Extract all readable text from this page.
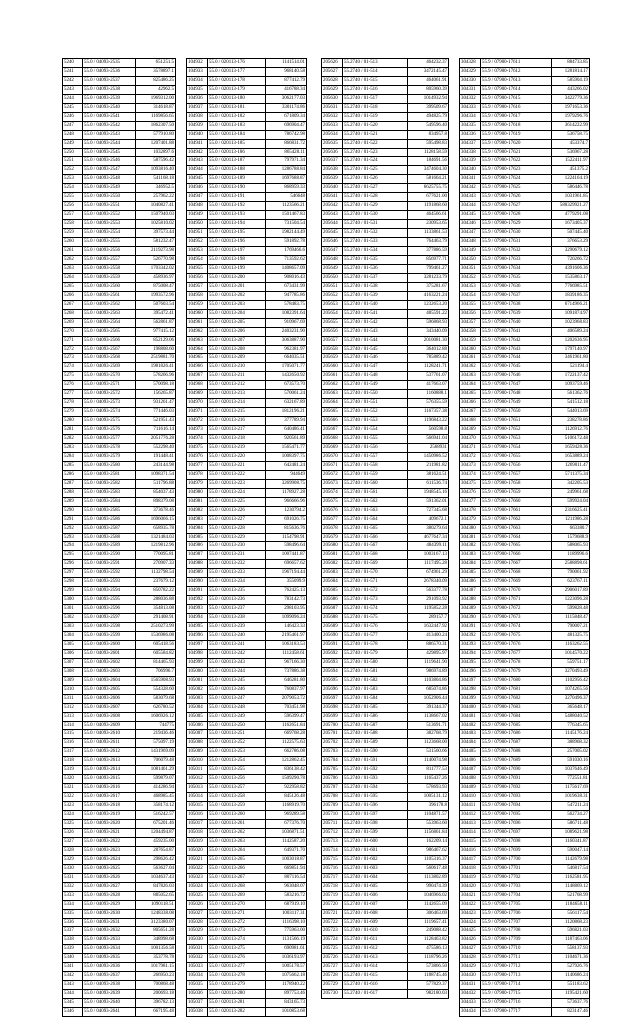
5240	55.0 / 04093-2535	651251.5
5241	55.0 / 04093-2536	3578897.1
5242	55.0 / 04093-2537	825486.25
5243	55.0 / 04093-2538	42962.5
5244	55.0 / 04093-2539	1969312.00
5245	55.0 / 04093-2540	314618.87
5246	55.0 / 04093-2541	1169856.65
5247	55.0 / 04093-2542	1862307.50
5248	55.0 / 04093-2543	577910.80
5249	55.0 / 04093-2544	1207401.88
5250	55.0 / 04093-2545	1032897.6
5251	55.0 / 04093-2546	587596.42
5252	55.0 / 04093-2547	1093816.40
5253	55.0 / 04093-2548	541168.18
5254	55.0 / 04093-2549	346952.5
5255	55.0 / 04093-2550	257962.22
5256	55.0 / 04093-2551	1040827.41
5257	55.0 / 04093-2552	1507940.03
5258	55.0 / 04093-2553	1025810.02
5259	55.0 / 04093-2554	397573.44
5260	55.0 / 04093-2555	581232.47
5261	55.0 / 04093-2556	2119273.98
5262	55.0 / 04093-2557	526770.98
5263	55.0 / 04093-2558	1703342.02
5264	55.0 / 04093-2559	458936.97
5265	55.0 / 04093-2560	875008.47
5266	55.0 / 04093-2561	1993572.96
5267	55.0 / 04093-2562	507603.54
5268	55.0 / 04093-2563	395472.41
5269	55.0 / 04093-2564	562861.87
5270	55.0 / 04093-2565	977415.12
5271	55.0 / 04093-2566	852129.06
5272	55.0 / 04093-2567	198808.60
5273	55.0 / 04093-2568	2519881.70
5274	55.0 / 04093-2569	1981826.41
5275	55.0 / 04093-2570	578266.96
5276	55.0 / 04093-2571	570098.18
5277	55.0 / 04093-2572	156265.87
5278	55.0 / 04093-2573	931261.47
5279	55.0 / 04093-2574	771446.03
5280	55.0 / 04093-2575	521951.43
5281	55.0 / 04093-2576	711616.14
5282	55.0 / 04093-2577	2051776.28
5283	55.0 / 04093-2578	552298.40
5284	55.0 / 04093-2579	191448.41
5285	55.0 / 04093-2580	243144.98
5286	55.0 / 04093-2581	1098371.54
5287	55.0 / 04093-2582	511796.88
5288	55.0 / 04093-2583	854037.43
5289	55.0 / 04093-2584	898379.08
5290	55.0 / 04093-2585	373678.46
5291	55.0 / 04093-2586	1696066.15
5292	55.0 / 04093-2587	658935.78
5293	55.0 / 04093-2588	1321484.03
5294	55.0 / 04093-2589	1219812.96
5295	55.0 / 04093-2590	770095.81
5296	55.0 / 04093-2591	270907.33
5297	55.0 / 04093-2592	1132798.54
5298	55.0 / 04093-2593	237679.12
5299	55.0 / 04093-2594	850782.22
5300	55.0 / 04093-2595	288036.88
5301	55.0 / 04093-2596	354813.08
5302	55.0 / 04093-2597	291408.91
5303	55.0 / 04093-2598	2510273.99
5304	55.0 / 04093-2599	1536986.08
5305	55.0 / 04093-2600	605418.56
5306	55.0 / 04093-2601	605584.82
5307	55.0 / 04093-2602	814465.93
5308	55.0 / 04093-2603	706996.7
5309	55.0 / 04093-2604	1565908.93
5310	55.0 / 04093-2605	554328.60
5311	55.0 / 04093-2606	583079.68
5312	55.0 / 04093-2607	626780.52
5313	55.0 / 04093-2608	1606926.12
5314	55.0 / 04093-2609	744775
5315	55.0 / 04093-2610	219436.46
5316	55.0 / 04093-2611	575097.19
5317	55.0 / 04093-2612	1431969.09
5318	55.0 / 04093-2613	706079.48
5319	55.0 / 04093-2614	1081461.29
5320	55.0 / 04093-2615	599879.07
5321	55.0 / 04093-2616	414286.94
5322	55.0 / 04093-2617	468985.45
5323	55.0 / 04093-2618	358174.12
5324	55.0 / 04093-2619	516242.57
5325	55.0 / 04093-2620	675201.46
5326	55.0 / 04093-2621	1204494.87
5327	55.0 / 04093-2622	459235.00
5328	55.0 / 04093-2623	287654.87
5329	55.0 / 04093-2624	298626.42
5330	55.0 / 04093-2625	563627.04
5331	55.0 / 04093-2626	1034637.43
5332	55.0 / 04093-2627	847826.03
5333	55.0 / 04093-2628	885052.65
5334	55.0 / 04093-2629	1090118.51
5335	55.0 / 04093-2630	1248338.08
5336	55.0 / 04093-2631	3123380.07
5337	55.0 / 04093-2632	805651.28
5338	55.0 / 04093-2633	348998.68
5339	55.0 / 04093-2634	1001356.58
5340	55.0 / 04093-2635	353778.78
5341	55.0 / 04093-2636	1017981.15
5342	55.0 / 04093-2637	266950.23
5343	55.0 / 04093-2638	700868.48
5344	55.0 / 04093-2639	200693.18
5345	55.0 / 04093-2640	396782.13
5346	55.0 / 04093-2641	667195.48
104932	55.0 / 020113-176	1141514.01
104933	55.0 / 020113-177	968140.58
104934	55.0 / 020113-178	877412.79
104935	55.0 / 020113-179	416788.34
104936	55.0 / 020113-180	3062177.03
104937	55.0 / 020113-181	3301174.86
104938	55.0 / 020113-182	671809.34
104939	55.0 / 020113-183	696904.47
104940	55.0 / 020113-184	786742.98
104941	55.0 / 020113-185	866831.72
104942	55.0 / 020113-186	865428.11
104943	55.0 / 020113-187	797971.34
104944	55.0 / 020113-188	1286788.84
104945	55.0 / 020113-189	1697688.87
104946	55.0 / 020113-190	868959.33
104947	55.0 / 020113-191	546648
104948	55.0 / 020113-192	1123566.21
104949	55.0 / 020113-193	1501467.83
104950	55.0 / 020113-194	731504.54
104951	55.0 / 020113-195	1982144.49
104952	55.0 / 020113-196	591892.78
104953	55.0 / 020113-197	1769466.6
104954	55.0 / 020113-198	713592.62
104955	55.0 / 020113-199	1408657.09
104956	55.0 / 020113-200	908016.43
104957	55.0 / 020113-201	673431.99
104958	55.0 / 020113-202	947785.86
104959	55.0 / 020113-203	578483.75
104960	55.0 / 020113-204	1082391.64
104961	55.0 / 020113-205	910967.69
104962	55.0 / 020113-206	2403231.90
104963	55.0 / 020113-207	3063887.90
104964	55.0 / 020113-208	962381.97
104965	55.0 / 020113-209	664035.51
104966	55.0 / 020113-210	1705071.77
104967	55.0 / 020113-211	1432650.92
104968	55.0 / 020113-212	673573.70
104969	55.0 / 020113-213	570061.24
104970	55.0 / 020113-214	632167.89
104971	55.0 / 020113-215	1812196.21
104972	55.0 / 020113-216	377789.94
104973	55.0 / 020113-217	640486.41
104974	55.0 / 020113-218	920561.89
104975	55.0 / 020113-219	1565471.77
104976	55.0 / 020113-220	1008397.75
104977	55.0 / 020113-221	642481.24
104978	55.0 / 020113-222	944649
104979	55.0 / 020113-223	3269908.75
104980	55.0 / 020113-224	1178927.28
104981	55.0 / 020113-225	966666.96
104982	55.0 / 020113-226	1230794.2
104983	55.0 / 020113-227	691026.75
104984	55.0 / 020113-228	815636.76
104985	55.0 / 020113-229	1154798.91
104986	55.0 / 020113-230	598496.64
104987	55.0 / 020113-231	1007441.87
104988	55.0 / 020113-232	696657.62
104989	55.0 / 020113-233	1967194.44
104990	55.0 / 020113-234	355099.9
104991	55.0 / 020113-235	762425.13
104992	55.0 / 020113-236	783142.73
104993	55.0 / 020113-237	298103.95
104994	55.0 / 020113-238	1099096.24
104995	55.0 / 020113-239	146423.33
104996	55.0 / 020113-240	2195461.97
104997	55.0 / 020113-241	1063183.53
104998	55.0 / 020113-242	1112458.61
104999	55.0 / 020113-243	967166.30
105000	55.0 / 020113-244	737886.38
105001	55.0 / 020113-245	646281.80
105002	55.0 / 020113-246	760837.97
105003	55.0 / 020113-247	2079053.72
105004	55.0 / 020113-248	703451.98
105005	55.0 / 020113-249	596399.47
105006	55.0 / 020113-250	1162651.84
105007	55.0 / 020113-251	669768.28
105008	55.0 / 020113-252	1122575.63
105009	55.0 / 020113-253	662786.08
105010	55.0 / 020113-254	1212862.45
105011	55.0 / 020113-255	836138.42
105012	55.0 / 020113-256	1509290.78
105013	55.0 / 020113-257	922958.82
105014	55.0 / 020113-258	845126.48
105015	55.0 / 020113-259	1168919.70
105016	55.0 / 020113-260	969289.58
105017	55.0 / 020113-261	677376.70
105018	55.0 / 020113-262	1036871.51
105019	55.0 / 020113-263	1142587.20
105020	55.0 / 020113-264	649371.70
105021	55.0 / 020113-265	1003018.87
105022	55.0 / 020113-266	669851.94
105023	55.0 / 020113-267	807116.54
105024	55.0 / 020113-268	963048.07
105025	55.0 / 020113-269	583216.72
105026	55.0 / 020113-270	687919.10
105027	55.0 / 020113-271	1003117.31
105028	55.0 / 020113-272	1116398.10
105029	55.0 / 020113-273	775963.00
105030	55.0 / 020113-274	1131566.19
105031	55.0 / 020113-275	690981.61
105032	55.0 / 020113-276	1036193.97
105033	55.0 / 020113-277	1005178.57
105034	55.0 / 020113-278	1075662.18
105035	55.0 / 020113-279	1178940.22
105036	55.0 / 020113-280	897753.46
105037	55.0 / 020113-281	843165.73
105038	55.0 / 020113-282	1010853.68
205626	55.2740 / 01-513	464232.37
205627	55.2740 / 01-514	3472145.47
205628	55.2740 / 01-515	464061.91
205629	55.2740 / 01-516	805960.39
205630	55.2740 / 01-517	1014932.94
205631	55.2740 / 01-518	399509.67
205632	55.2740 / 01-519	494825.79
205633	55.2740 / 01-520	549596.40
205634	55.2740 / 01-521	834957.8
205635	55.2740 / 01-522	595498.83
205636	55.2740 / 01-523	1128158.59
205637	55.2740 / 01-524	184691.56
205638	55.2740 / 01-525	3474604.30
205639	55.2740 / 01-526	581664.21
205640	55.2740 / 01-527	6625755.75
205641	55.2740 / 01-528	677621.00
205642	55.2740 / 01-529	1191868.60
205643	55.2740 / 01-530	464566.61
205644	55.2740 / 01-531	230953.65
205645	55.2740 / 01-532	1133861.53
205646	55.2740 / 01-533	764463.79
205647	55.2740 / 01-534	377886.59
205648	55.2740 / 01-535	856977.71
205649	55.2740 / 01-536	799461.27
205650	55.2740 / 01-537	3281233.79
205651	55.2740 / 01-538	375281.67
205652	55.2740 / 01-539	4163221.24
205653	55.2740 / 01-540	1232653.20
205654	55.2740 / 01-541	485591.22
205655	55.2740 / 01-542	596868.93
205656	55.2740 / 01-543	343440.09
205657	55.2740 / 01-544	2010081.30
205658	55.2740 / 01-545	364012.88
205659	55.2740 / 01-546	785889.42
205660	55.2740 / 01-547	1128241.71
205661	55.2740 / 01-548	537761.07
205662	55.2740 / 01-549	417663.07
205663	55.2740 / 01-550	1160888.1
205664	55.2740 / 01-551	576355.59
205665	55.2740 / 01-552	1167357.38
205666	55.2740 / 01-553	1196843.22
205667	55.2740 / 01-554	560598.8
205668	55.2740 / 01-555	566941.04
205669	55.2740 / 01-556	2568931
205670	55.2740 / 01-557	1450986.52
205671	55.2740 / 01-558	211981.82
205672	55.2740 / 01-559	381624.51
205673	55.2740 / 01-560	611536.74
205674	55.2740 / 01-561	1948545.16
205675	55.2740 / 01-562	591362.01
205676	55.2740 / 01-563	727345.68
205677	55.2740 / 01-564	409672.1
205678	55.2740 / 01-565	380279.64
205679	55.2740 / 01-566	4677647.34
205680	55.2740 / 01-567	484399.11
205681	55.2740 / 01-568	1003167.13
205682	55.2740 / 01-569	1117495.28
205683	55.2740 / 01-570	674961.29
205684	55.2740 / 01-571	2678340.09
205685	55.2740 / 01-572	563377.78
205686	55.2740 / 01-573	291093.92
205687	55.2740 / 01-574	1195852.28
205688	55.2740 / 01-575	289157.7
205689	55.2740 / 01-576	1632447.92
205690	55.2740 / 01-577	413400.24
205691	55.2740 / 01-578	886570.31
205692	55.2740 / 01-579	429895.97
205693	55.2740 / 01-580	1119641.90
205694	55.2740 / 01-581	986974.89
205695	55.2740 / 01-582	1103804.86
205696	55.2740 / 01-583	685074.86
205697	55.2740 / 01-584	1052906.44
205698	55.2740 / 01-585	391344.37
205699	55.2740 / 01-586	1138667.02
205700	55.2740 / 01-587	513691.71
205701	55.2740 / 01-588	382768.79
205702	55.2740 / 01-589	1123668.00
205703	55.2740 / 01-590	531560.66
205704	55.2740 / 01-591	1140074.98
205705	55.2740 / 01-592	811777.53
205706	55.2740 / 01-593	1165437.26
205707	55.2740 / 01-594	578693.93
205708	55.2740 / 01-595	1005131.12
205709	55.2740 / 01-596	396178.8
205710	55.2740 / 01-597	1104871.57
205711	55.2740 / 01-598	553963.60
205712	55.2740 / 01-599	1156861.84
205713	55.2740 / 01-600	162209.14
205714	55.2740 / 01-601	986467.62
205715	55.2740 / 01-602	1105316.37
205716	55.2740 / 01-603	560617.48
205717	55.2740 / 01-604	1113802.89
205718	55.2740 / 01-605	990474.39
205719	55.2740 / 01-606	1046966.02
205720	55.2740 / 01-607	1142655.09
205721	55.2740 / 01-608	306463.69
205722	55.2740 / 01-609	1119657.41
205723	55.2740 / 01-610	249088.42
205724	55.2740 / 01-611	1128463.82
205725	55.2740 / 01-612	475586.13
205726	55.2740 / 01-613	1118796.26
205727	55.2740 / 01-614	573866.50
205728	55.2740 / 01-615	1188745.46
205729	55.2740 / 01-616	577829.37
205730	55.2740 / 01-617	982180.03
304328	55.9 / 07900-17611	884733.85
304329	55.9 / 07900-17612	1281814.17
304330	55.9 / 07900-17613	585904.19
304331	55.9 / 07900-17614	443266.02
304332	55.9 / 07900-17615	3422779.36
304333	55.9 / 07900-17616	1971653.36
304334	55.9 / 07900-17617	1979296.76
304335	55.9 / 07900-17618	3614222.99
304336	55.9 / 07900-17619	536758.75
304337	55.9 / 07900-17620	453374.7
304338	55.9 / 07900-17621	536967.28
304339	55.9 / 07900-17622	1522411.97
304340	55.9 / 07900-17623	451375.2
304341	55.9 / 07900-17624	1224164.19
304342	55.9 / 07900-17625	586446.78
304343	55.9 / 07900-17626	1031961.85
304344	55.9 / 07900-17627	580329921.27
304345	55.9 / 07900-17628	4779291.08
304346	55.9 / 07900-17629	1673405.37
304347	55.9 / 07900-17630	507445.40
304348	55.9 / 07900-17631	376653.29
304349	55.9 / 07900-17632	3290679.12
304350	55.9 / 07900-17633	720266.72
304351	55.9 / 07900-17634	4391606.36
304352	55.9 / 07900-17635	1535863.17
304353	55.9 / 07900-17636	7766985.51
304354	55.9 / 07900-17637	1839186.35
304355	55.9 / 07900-17638	6714966.21
304356	55.9 / 07900-17639	1091874.97
304357	55.9 / 07900-17640	1023968.83
304358	55.9 / 07900-17641	406589.24
304359	55.9 / 07900-17642	1202636.95
304360	55.9 / 07900-17643	1797140.97
304361	55.9 / 07900-17644	3461961.80
304362	55.9 / 07900-17645	521194.4
304363	55.9 / 07900-17646	1722137.42
304364	55.9 / 07900-17647	1093759.46
304365	55.9 / 07900-17648	561362.76
304366	55.9 / 07900-17649	541512.18
304367	55.9 / 07900-17650	544013.69
304368	55.9 / 07900-17651	238278.86
304369	55.9 / 07900-17652	1126912.76
304370	55.9 / 07900-17653	5106172.48
304371	55.9 / 07900-17654	1659428.36
304372	55.9 / 07900-17655	1653889.24
304373	55.9 / 07900-17656	1269011.47
304374	55.9 / 07900-17657	5711375.34
304375	55.9 / 07900-17658	342205.53
304376	55.9 / 07900-17659	249961.68
304377	55.9 / 07900-17660	599924.04
304378	55.9 / 07900-17661	2316625.41
304379	55.9 / 07900-17662	1211986.28
304380	55.9 / 07900-17663	663380.7
304381	55.9 / 07900-17664	1579688.9
304382	55.9 / 07900-17665	588065.93
304383	55.9 / 07900-17666	1189996.6
304384	55.9 / 07900-17667	2588898.61
304385	55.9 / 07900-17668	790061.92
304386	55.9 / 07900-17669	623767.11
304387	55.9 / 07900-17670	2906017.89
304388	55.9 / 07900-17671	1223096.28
304389	55.9 / 07900-17672	599828.48
304390	55.9 / 07900-17673	1115848.47
304391	55.9 / 07900-17674	790007.21
304392	55.9 / 07900-17675	481325.75
304393	55.9 / 07900-17676	1163262.55
304394	55.9 / 07900-17677	1014570.22
304395	55.9 / 07900-17678	559751.17
304396	55.9 / 07900-17679	3270493.49
304397	55.9 / 07900-17680	1102956.42
304398	55.9 / 07900-17681	1074265.56
304399	55.9 / 07900-17682	3270496.37
304400	55.9 / 07900-17683	365648.17
304401	55.9 / 07900-17684	5488040.52
304402	55.9 / 07900-17685	776345.65
304403	55.9 / 07900-17686	1145176.24
304404	55.9 / 07900-17687	388968.32
304405	55.9 / 07900-17688	257005.02
304406	55.9 / 07900-17689	591030.16
304407	55.9 / 07900-17690	1037646.49
304408	55.9 / 07900-17691	772551.81
304409	55.9 / 07900-17692	1175617.69
304410	55.9 / 07900-17693	1019638.31
304411	55.9 / 07900-17694	547211.24
304412	55.9 / 07900-17695	562734.27
304413	55.9 / 07900-17696	586711.48
304414	55.9 / 07900-17697	1089621.98
304415	55.9 / 07900-17698	1160341.87
304416	55.9 / 07900-17699	590047.14
304417	55.9 / 07900-17700	1142679.98
304418	55.9 / 07900-17701	546817.54
304419	55.9 / 07900-17702	1162581.95
304420	55.9 / 07900-17703	1148869.12
304421	55.9 / 07900-17704	521768.99
304422	55.9 / 07900-17705	1184658.11
304423	55.9 / 07900-17706	556117.54
304424	55.9 / 07900-17707	1120868.23
304425	55.9 / 07900-17708	596821.03
304426	55.9 / 07900-17709	1187463.06
304427	55.9 / 07900-17710	558137.93
304428	55.9 / 07900-17711	1104671.36
304429	55.9 / 07900-17712	527926.76
304430	55.9 / 07900-17713	1140686.24
304431	55.9 / 07900-17714	551183.62
304432	55.9 / 07900-17715	1195421.60
304433	55.9 / 07900-17716	573637.76
304434	55.9 / 07900-17717	823147.46
